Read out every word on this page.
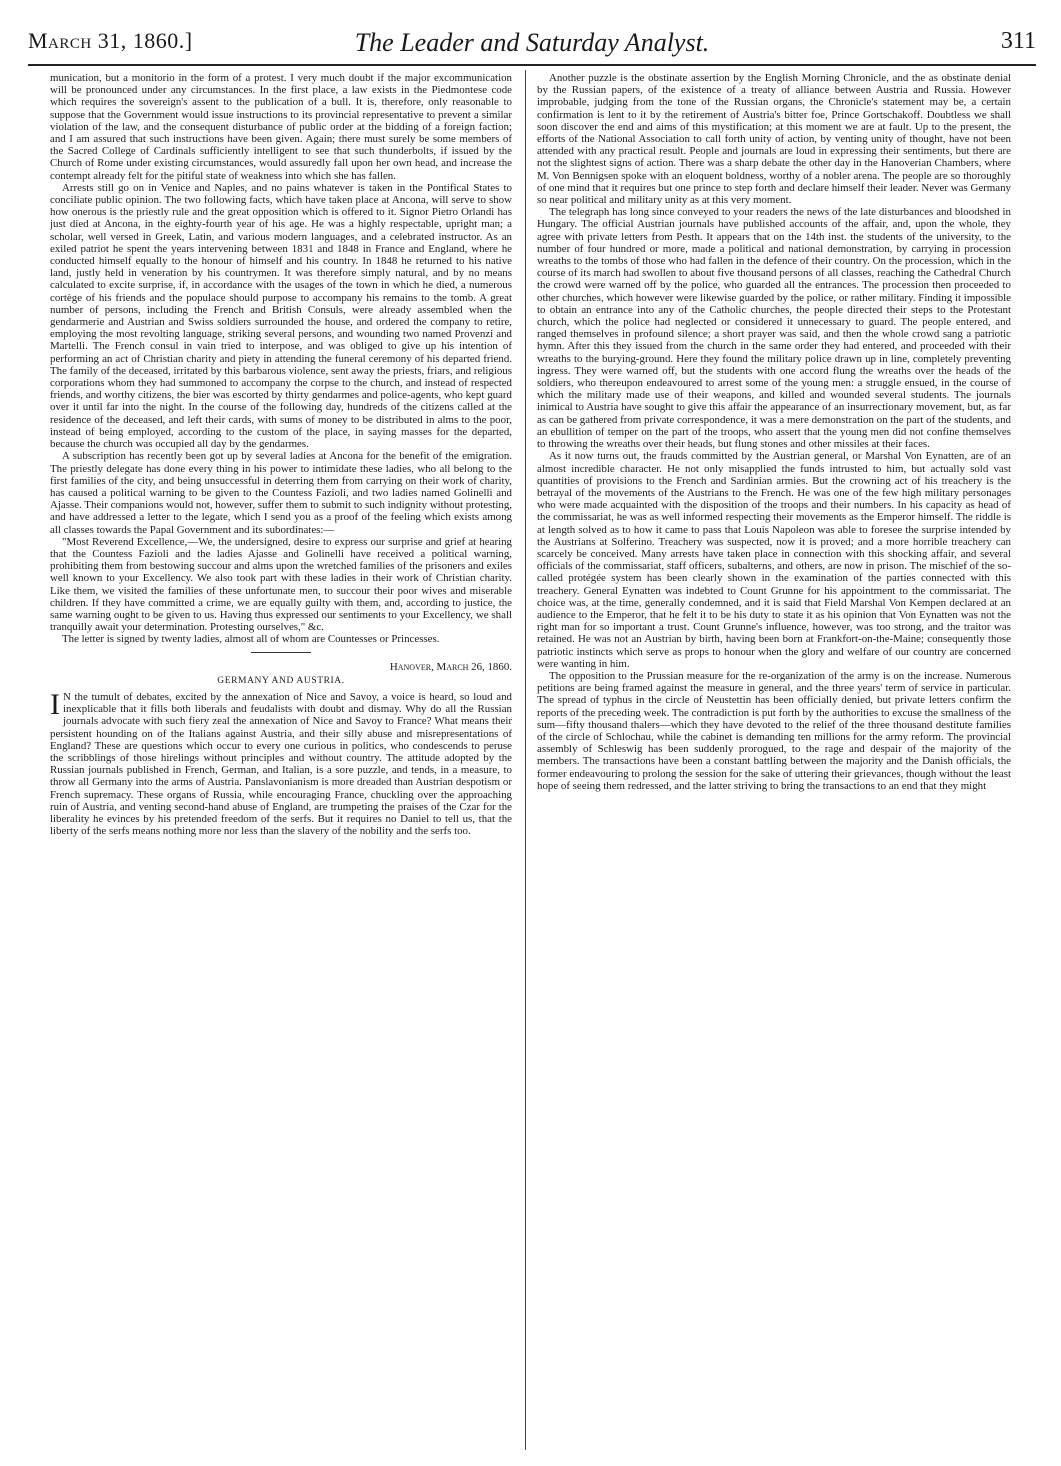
The Leader and Saturday Analyst.
March 31, 1860.]	311

munication, but a monitorio in the form of a protest. I very much doubt if the major excommunication will be pronounced under any circumstances. In the first place, a law exists in the Piedmontese code which requires the sovereign's assent to the publication of a bull. It is, therefore, only reasonable to suppose that the Government would issue instructions to its provincial representative to prevent a similar violation of the law, and the consequent disturbance of public order at the bidding of a foreign faction; and I am assured that such instructions have been given. Again; there must surely be some members of the Sacred College of Cardinals sufficiently intelligent to see that such thunderbolts, if issued by the Church of Rome under existing circumstances, would assuredly fall upon her own head, and increase the contempt already felt for the pitiful state of weakness into which she has fallen.

Arrests still go on in Venice and Naples, and no pains whatever is taken in the Pontifical States to conciliate public opinion. The two following facts, which have taken place at Ancona, will serve to show how onerous is the priestly rule and the great opposition which is offered to it. Signor Pietro Orlandi has just died at Ancona, in the eighty-fourth year of his age. He was a highly respectable, upright man; a scholar, well versed in Greek, Latin, and various modern languages, and a celebrated instructor. As an exiled patriot he spent the years intervening between 1831 and 1848 in France and England, where he conducted himself equally to the honour of himself and his country. In 1848 he returned to his native land, justly held in veneration by his countrymen. It was therefore simply natural, and by no means calculated to excite surprise, if, in accordance with the usages of the town in which he died, a numerous cortège of his friends and the populace should purpose to accompany his remains to the tomb. A great number of persons, including the French and British Consuls, were already assembled when the gendarmerie and Austrian and Swiss soldiers surrounded the house, and ordered the company to retire, employing the most revolting language, striking several persons, and wounding two named Provenzi and Martelli. The French consul in vain tried to interpose, and was obliged to give up his intention of performing an act of Christian charity and piety in attending the funeral ceremony of his departed friend. The family of the deceased, irritated by this barbarous violence, sent away the priests, friars, and religious corporations whom they had summoned to accompany the corpse to the church, and instead of respected friends, and worthy citizens, the bier was escorted by thirty gendarmes and police-agents, who kept guard over it until far into the night. In the course of the following day, hundreds of the citizens called at the residence of the deceased, and left their cards, with sums of money to be distributed in alms to the poor, instead of being employed, according to the custom of the place, in saying masses for the departed, because the church was occupied all day by the gendarmes.

A subscription has recently been got up by several ladies at Ancona for the benefit of the emigration. The priestly delegate has done every thing in his power to intimidate these ladies, who all belong to the first families of the city, and being unsuccessful in deterring them from carrying on their work of charity, has caused a political warning to be given to the Countess Fazioli, and two ladies named Golinelli and Ajasse. Their companions would not, however, suffer them to submit to such indignity without protesting, and have addressed a letter to the legate, which I send you as a proof of the feeling which exists among all classes towards the Papal Government and its subordinates:—

"Most Reverend Excellence,—We, the undersigned, desire to express our surprise and grief at hearing that the Countess Fazioli and the ladies Ajasse and Golinelli have received a political warning, prohibiting them from bestowing succour and alms upon the wretched families of the prisoners and exiles well known to your Excellency. We also took part with these ladies in their work of Christian charity. Like them, we visited the families of these unfortunate men, to succour their poor wives and miserable children. If they have committed a crime, we are equally guilty with them, and, according to justice, the same warning ought to be given to us. Having thus expressed our sentiments to your Excellency, we shall tranquilly await your determination. Protesting ourselves," &c.

The letter is signed by twenty ladies, almost all of whom are Countesses or Princesses.

Hanover, March 26, 1860.

GERMANY AND AUSTRIA.

I N the tumult of debates, excited by the annexation of Nice and Savoy, a voice is heard, so loud and inexplicable that it fills both liberals and feudalists with doubt and dismay. Why do all the Russian journals advocate with such fiery zeal the annexation of Nice and Savoy to France? What means their persistent hounding on of the Italians against Austria, and their silly abuse and misrepresentations of England? These are questions which occur to every one curious in politics, who condescends to peruse the scribblings of those hirelings without principles and without country. The attitude adopted by the Russian journals published in French, German, and Italian, is a sore puzzle, and tends, in a measure, to throw all Germany into the arms of Austria. Panslavonianism is more dreaded than Austrian despotism or French supremacy. These organs of Russia, while encouraging France, chuckling over the approaching ruin of Austria, and venting second-hand abuse of England, are trumpeting the praises of the Czar for the liberality he evinces by his pretended freedom of the serfs. But it requires no Daniel to tell us, that the liberty of the serfs means nothing more nor less than the slavery of the nobility and the serfs too.

Another puzzle is the obstinate assertion by the English Morning Chronicle, and the as obstinate denial by the Russian papers, of the existence of a treaty of alliance between Austria and Russia. However improbable, judging from the tone of the Russian organs, the Chronicle's statement may be, a certain confirmation is lent to it by the retirement of Austria's bitter foe, Prince Gortschakoff. Doubtless we shall soon discover the end and aims of this mystification; at this moment we are at fault. Up to the present, the efforts of the National Association to call forth unity of action, by venting unity of thought, have not been attended with any practical result. People and journals are loud in expressing their sentiments, but there are not the slightest signs of action. There was a sharp debate the other day in the Hanoverian Chambers, where M. Von Bennigsen spoke with an eloquent boldness, worthy of a nobler arena. The people are so thoroughly of one mind that it requires but one prince to step forth and declare himself their leader. Never was Germany so near political and military unity as at this very moment.

The telegraph has long since conveyed to your readers the news of the late disturbances and bloodshed in Hungary. The official Austrian journals have published accounts of the affair, and, upon the whole, they agree with private letters from Pesth. It appears that on the 14th inst. the students of the university, to the number of four hundred or more, made a political and national demonstration, by carrying in procession wreaths to the tombs of those who had fallen in the defence of their country. On the procession, which in the course of its march had swollen to about five thousand persons of all classes, reaching the Cathedral Church the crowd were warned off by the police, who guarded all the entrances. The procession then proceeded to other churches, which however were likewise guarded by the police, or rather military. Finding it impossible to obtain an entrance into any of the Catholic churches, the people directed their steps to the Protestant church, which the police had neglected or considered it unnecessary to guard. The people entered, and ranged themselves in profound silence; a short prayer was said, and then the whole crowd sang a patriotic hymn. After this they issued from the church in the same order they had entered, and proceeded with their wreaths to the burying-ground. Here they found the military police drawn up in line, completely preventing ingress. They were warned off, but the students with one accord flung the wreaths over the heads of the soldiers, who thereupon endeavoured to arrest some of the young men: a struggle ensued, in the course of which the military made use of their weapons, and killed and wounded several students. The journals inimical to Austria have sought to give this affair the appearance of an insurrectionary movement, but, as far as can be gathered from private correspondence, it was a mere demonstration on the part of the students, and an ebullition of temper on the part of the troops, who assert that the young men did not confine themselves to throwing the wreaths over their heads, but flung stones and other missiles at their faces.

As it now turns out, the frauds committed by the Austrian general, or Marshal Von Eynatten, are of an almost incredible character. He not only misapplied the funds intrusted to him, but actually sold vast quantities of provisions to the French and Sardinian armies. But the crowning act of his treachery is the betrayal of the movements of the Austrians to the French. He was one of the few high military personages who were made acquainted with the disposition of the troops and their numbers. In his capacity as head of the commissariat, he was as well informed respecting their movements as the Emperor himself. The riddle is at length solved as to how it came to pass that Louis Napoleon was able to foresee the surprise intended by the Austrians at Solferino. Treachery was suspected, now it is proved; and a more horrible treachery can scarcely be conceived. Many arrests have taken place in connection with this shocking affair, and several officials of the commissariat, staff officers, subalterns, and others, are now in prison. The mischief of the so-called protégée system has been clearly shown in the examination of the parties connected with this treachery. General Eynatten was indebted to Count Grunne for his appointment to the commissariat. The choice was, at the time, generally condemned, and it is said that Field Marshal Von Kempen declared at an audience to the Emperor, that he felt it to be his duty to state it as his opinion that Von Eynatten was not the right man for so important a trust. Count Grunne's influence, however, was too strong, and the traitor was retained. He was not an Austrian by birth, having been born at Frankfort-on-the-Maine; consequently those patriotic instincts which serve as props to honour when the glory and welfare of our country are concerned were wanting in him.

The opposition to the Prussian measure for the re-organization of the army is on the increase. Numerous petitions are being framed against the measure in general, and the three years' term of service in particular. The spread of typhus in the circle of Neustettin has been officially denied, but private letters confirm the reports of the preceding week. The contradiction is put forth by the authorities to excuse the smallness of the sum—fifty thousand thalers—which they have devoted to the relief of the three thousand destitute families of the circle of Schlochau, while the cabinet is demanding ten millions for the army reform. The provincial assembly of Schleswig has been suddenly prorogued, to the rage and despair of the majority of the members. The transactions have been a constant battling between the majority and the Danish officials, the former endeavouring to prolong the session for the sake of uttering their grievances, though without the least hope of seeing them redressed, and the latter striving to bring the transactions to an end that they might
